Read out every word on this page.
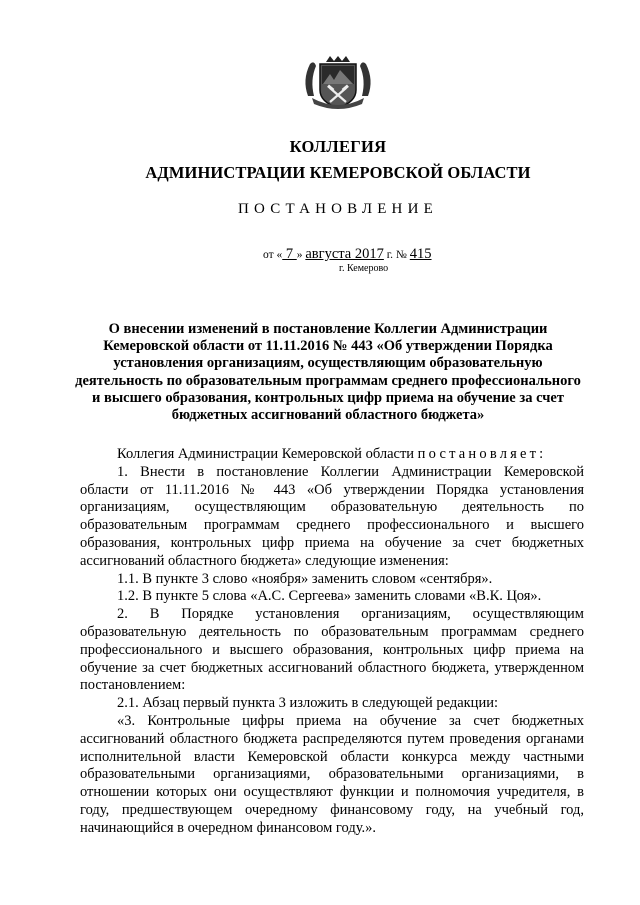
КОЛЛЕГИЯ
АДМИНИСТРАЦИИ КЕМЕРОВСКОЙ ОБЛАСТИ
ПОСТАНОВЛЕНИЕ
от « 7 » августа 2017 г. № 415
г. Кемерово
О внесении изменений в постановление Коллегии Администрации Кемеровской области от 11.11.2016 № 443 «Об утверждении Порядка установления организациям, осуществляющим образовательную деятельность по образовательным программам среднего профессионального и высшего образования, контрольных цифр приема на обучение за счет бюджетных ассигнований областного бюджета»

Коллегия Администрации Кемеровской области постановляет:

1. Внести в постановление Коллегии Администрации Кемеровской области от 11.11.2016 № 443 «Об утверждении Порядка установления организациям, осуществляющим образовательную деятельность по образовательным программам среднего профессионального и высшего образования, контрольных цифр приема на обучение за счет бюджетных ассигнований областного бюджета» следующие изменения:

1.1. В пункте 3 слово «ноября» заменить словом «сентября».

1.2. В пункте 5 слова «А.С. Сергеева» заменить словами «В.К. Цоя».

2. В Порядке установления организациям, осуществляющим образовательную деятельность по образовательным программам среднего профессионального и высшего образования, контрольных цифр приема на обучение за счет бюджетных ассигнований областного бюджета, утвержденном постановлением:

2.1. Абзац первый пункта 3 изложить в следующей редакции:

«3. Контрольные цифры приема на обучение за счет бюджетных ассигнований областного бюджета распределяются путем проведения органами исполнительной власти Кемеровской области конкурса между частными образовательными организациями, образовательными организациями, в отношении которых они осуществляют функции и полномочия учредителя, в году, предшествующем очередному финансовому году, на учебный год, начинающийся в очередном финансовом году.».
